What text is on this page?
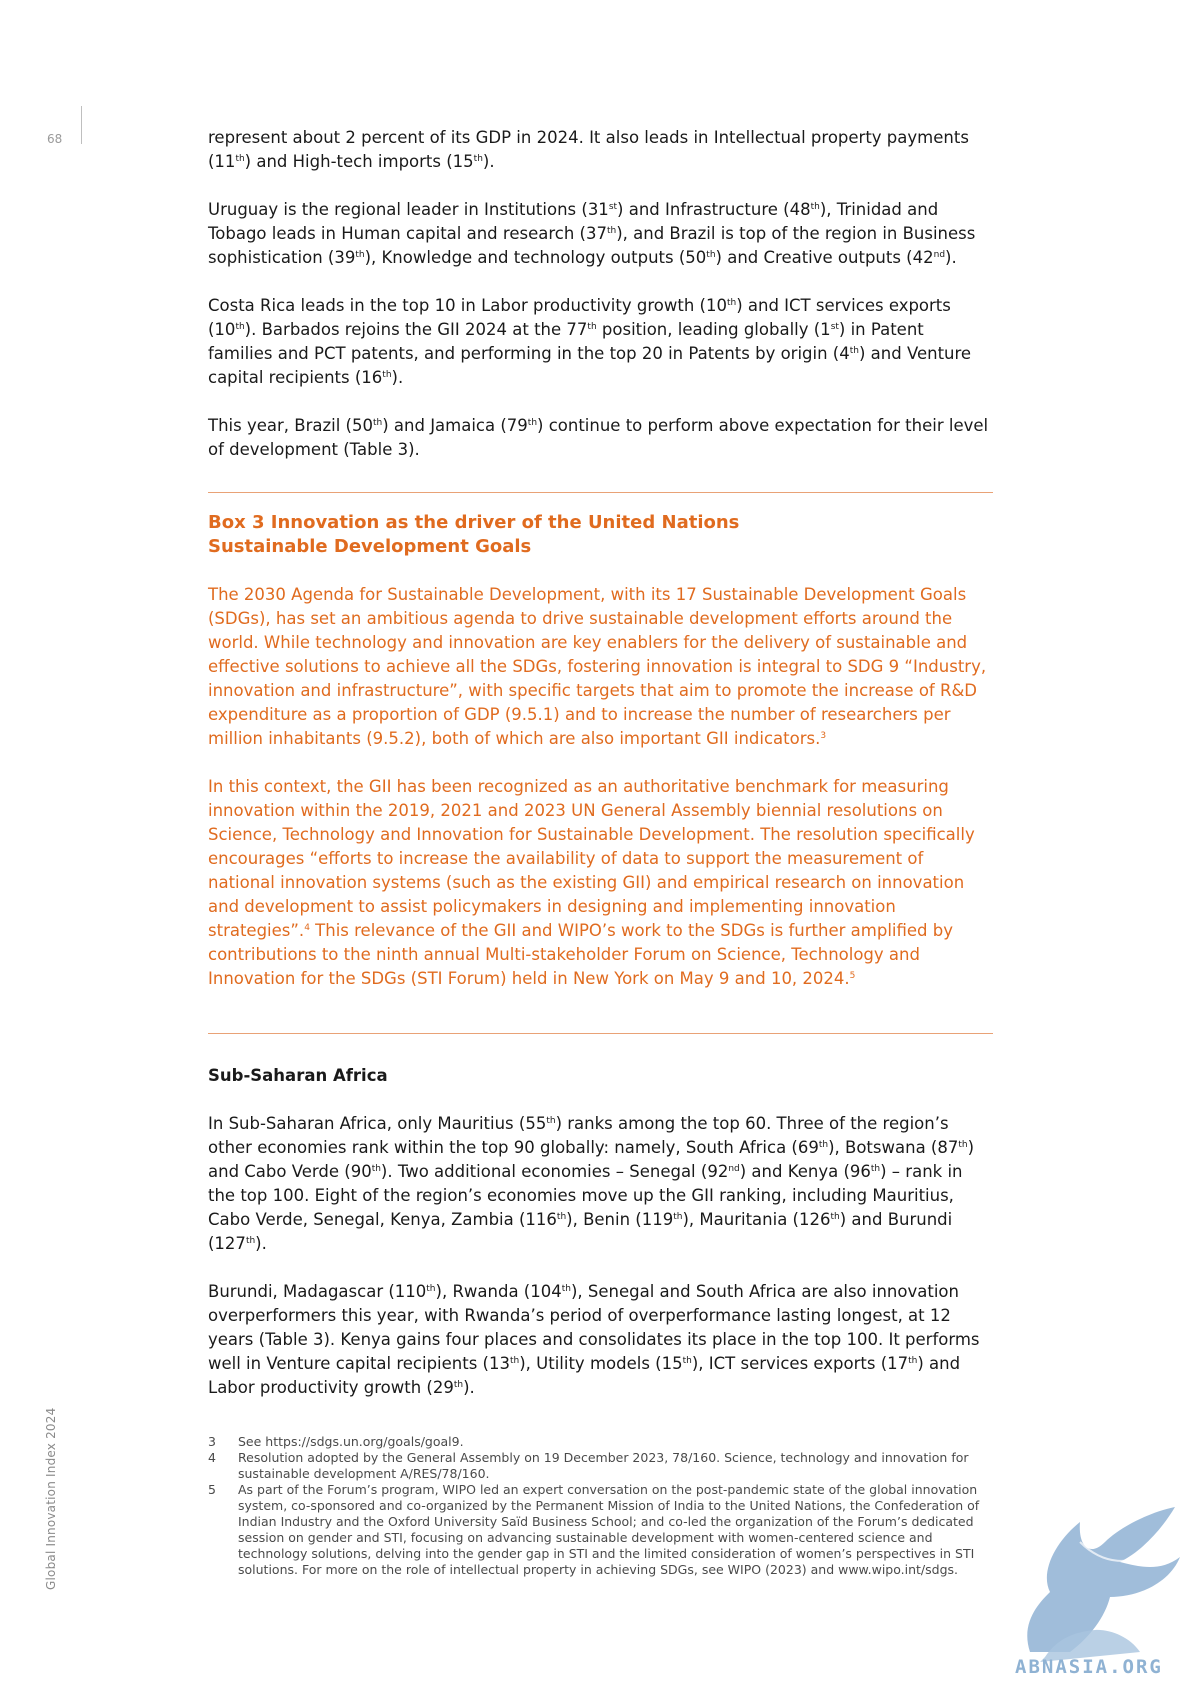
68
Global Innovation Index 2024

represent about 2 percent of its GDP in 2024. It also leads in Intellectual property payments (11th) and High-tech imports (15th).

Uruguay is the regional leader in Institutions (31st) and Infrastructure (48th), Trinidad and Tobago leads in Human capital and research (37th), and Brazil is top of the region in Business sophistication (39th), Knowledge and technology outputs (50th) and Creative outputs (42nd).

Costa Rica leads in the top 10 in Labor productivity growth (10th) and ICT services exports (10th). Barbados rejoins the GII 2024 at the 77th position, leading globally (1st) in Patent families and PCT patents, and performing in the top 20 in Patents by origin (4th) and Venture capital recipients (16th).

This year, Brazil (50th) and Jamaica (79th) continue to perform above expectation for their level of development (Table 3).

Box 3 Innovation as the driver of the United Nations Sustainable Development Goals

The 2030 Agenda for Sustainable Development, with its 17 Sustainable Development Goals (SDGs), has set an ambitious agenda to drive sustainable development efforts around the world. While technology and innovation are key enablers for the delivery of sustainable and effective solutions to achieve all the SDGs, fostering innovation is integral to SDG 9 “Industry, innovation and infrastructure”, with specific targets that aim to promote the increase of R&D expenditure as a proportion of GDP (9.5.1) and to increase the number of researchers per million inhabitants (9.5.2), both of which are also important GII indicators.$^3$

In this context, the GII has been recognized as an authoritative benchmark for measuring innovation within the 2019, 2021 and 2023 UN General Assembly biennial resolutions on Science, Technology and Innovation for Sustainable Development. The resolution specifically encourages “efforts to increase the availability of data to support the measurement of national innovation systems (such as the existing GII) and empirical research on innovation and development to assist policymakers in designing and implementing innovation strategies”.$^4$ This relevance of the GII and WIPO’s work to the SDGs is further amplified by contributions to the ninth annual Multi-stakeholder Forum on Science, Technology and Innovation for the SDGs (STI Forum) held in New York on May 9 and 10, 2024.$^5$

Sub-Saharan Africa

In Sub-Saharan Africa, only Mauritius (55th) ranks among the top 60. Three of the region’s other economies rank within the top 90 globally: namely, South Africa (69th), Botswana (87th) and Cabo Verde (90th). Two additional economies – Senegal (92nd) and Kenya (96th) – rank in the top 100. Eight of the region’s economies move up the GII ranking, including Mauritius, Cabo Verde, Senegal, Kenya, Zambia (116th), Benin (119th), Mauritania (126th) and Burundi (127th).

Burundi, Madagascar (110th), Rwanda (104th), Senegal and South Africa are also innovation overperformers this year, with Rwanda’s period of overperformance lasting longest, at 12 years (Table 3). Kenya gains four places and consolidates its place in the top 100. It performs well in Venture capital recipients (13th), Utility models (15th), ICT services exports (17th) and Labor productivity growth (29th).

3	See https://sdgs.un.org/goals/goal9.
4	Resolution adopted by the General Assembly on 19 December 2023, 78/160. Science, technology and innovation for sustainable development A/RES/78/160.
5	As part of the Forum’s program, WIPO led an expert conversation on the post-pandemic state of the global innovation system, co-sponsored and co-organized by the Permanent Mission of India to the United Nations, the Confederation of Indian Industry and the Oxford University Saïd Business School; and co-led the organization of the Forum’s dedicated session on gender and STI, focusing on advancing sustainable development with women-centered science and technology solutions, delving into the gender gap in STI and the limited consideration of women’s perspectives in STI solutions. For more on the role of intellectual property in achieving SDGs, see WIPO (2023) and www.wipo.int/sdgs.
ABNASIA.ORG
